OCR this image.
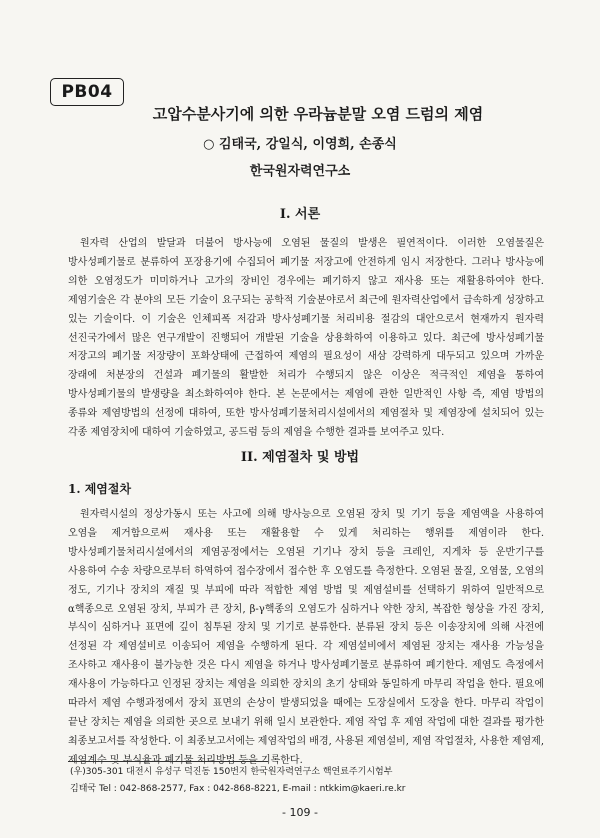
PB04
고압수분사기에 의한 우라늄분말 오염 드럼의 제염
○ 김태국, 강일식, 이영희, 손종식
한국원자력연구소
I. 서론
원자력 산업의 발달과 더불어 방사능에 오염된 물질의 발생은 필연적이다. 이러한 오염물질은 방사성폐기물로 분류하여 포장용기에 수집되어 폐기물 저장고에 안전하게 임시 저장한다. 그러나 방사능에 의한 오염정도가 미미하거나 고가의 장비인 경우에는 폐기하지 않고 재사용 또는 재활용하여야 한다. 제염기술은 각 분야의 모든 기술이 요구되는 공학적 기술분야로서 최근에 원자력산업에서 급속하게 성장하고 있는 기술이다. 이 기술은 인체피폭 저감과 방사성폐기물 처리비용 절감의 대안으로서 현재까지 원자력 선진국가에서 많은 연구개발이 진행되어 개발된 기술을 상용화하여 이용하고 있다. 최근에 방사성폐기물 저장고의 폐기물 저장량이 포화상태에 근접하여 제염의 필요성이 새삼 강력하게 대두되고 있으며 가까운 장래에 처분장의 건설과 폐기물의 활발한 처리가 수행되지 않은 이상은 적극적인 제염을 통하여 방사성폐기물의 발생량을 최소화하여야 한다. 본 논문에서는 제염에 관한 일반적인 사항 즉, 제염 방법의 종류와 제염방법의 선정에 대하여, 또한 방사성폐기물처리시설에서의 제염절차 및 제염장에 설치되어 있는 각종 제염장치에 대하여 기술하였고, 공드럼 등의 제염을 수행한 결과를 보여주고 있다.
II. 제염절차 및 방법
1. 제염절차
원자력시설의 정상가동시 또는 사고에 의해 방사능으로 오염된 장치 및 기기 등을 제염액을 사용하여 오염을 제거함으로써 재사용 또는 재활용할 수 있게 처리하는 행위를 제염이라 한다. 방사성폐기물처리시설에서의 제염공정에서는 오염된 기기나 장치 등을 크레인, 지게차 등 운반기구를 사용하여 수송 차량으로부터 하역하여 접수장에서 접수한 후 오염도를 측정한다. 오염된 물질, 오염물, 오염의 정도, 기기나 장치의 재질 및 부피에 따라 적합한 제염 방법 및 제염설비를 선택하기 위하여 일반적으로 α핵종으로 오염된 장치, 부피가 큰 장치, β-γ핵종의 오염도가 심하거나 약한 장치, 복잡한 형상을 가진 장치, 부식이 심하거나 표면에 깊이 침투된 장치 및 기기로 분류한다. 분류된 장치 등은 이송장치에 의해 사전에 선정된 각 제염설비로 이송되어 제염을 수행하게 된다. 각 제염설비에서 제염된 장치는 재사용 가능성을 조사하고 재사용이 불가능한 것은 다시 제염을 하거나 방사성폐기물로 분류하여 폐기한다. 제염도 측정에서 재사용이 가능하다고 인정된 장치는 제염을 의뢰한 장치의 초기 상태와 동일하게 마무리 작업을 한다. 필요에 따라서 제염 수행과정에서 장치 표면의 손상이 발생되었을 때에는 도장실에서 도장을 한다. 마무리 작업이 끝난 장치는 제염을 의뢰한 곳으로 보내기 위해 일시 보관한다. 제염 작업 후 제염 작업에 대한 결과를 평가한 최종보고서를 작성한다. 이 최종보고서에는 제염작업의 배경, 사용된 제염설비, 제염 작업절차, 사용한 제염제, 제염계수 및 부식율과 폐기물 처리방법 등을 기록한다.
(우)305-301 대전시 유성구 덕진동 150번지 한국원자력연구소 핵연료주기시험부
김태국 Tel : 042-868-2577, Fax : 042-868-8221, E-mail : ntkkim@kaeri.re.kr
- 109 -
